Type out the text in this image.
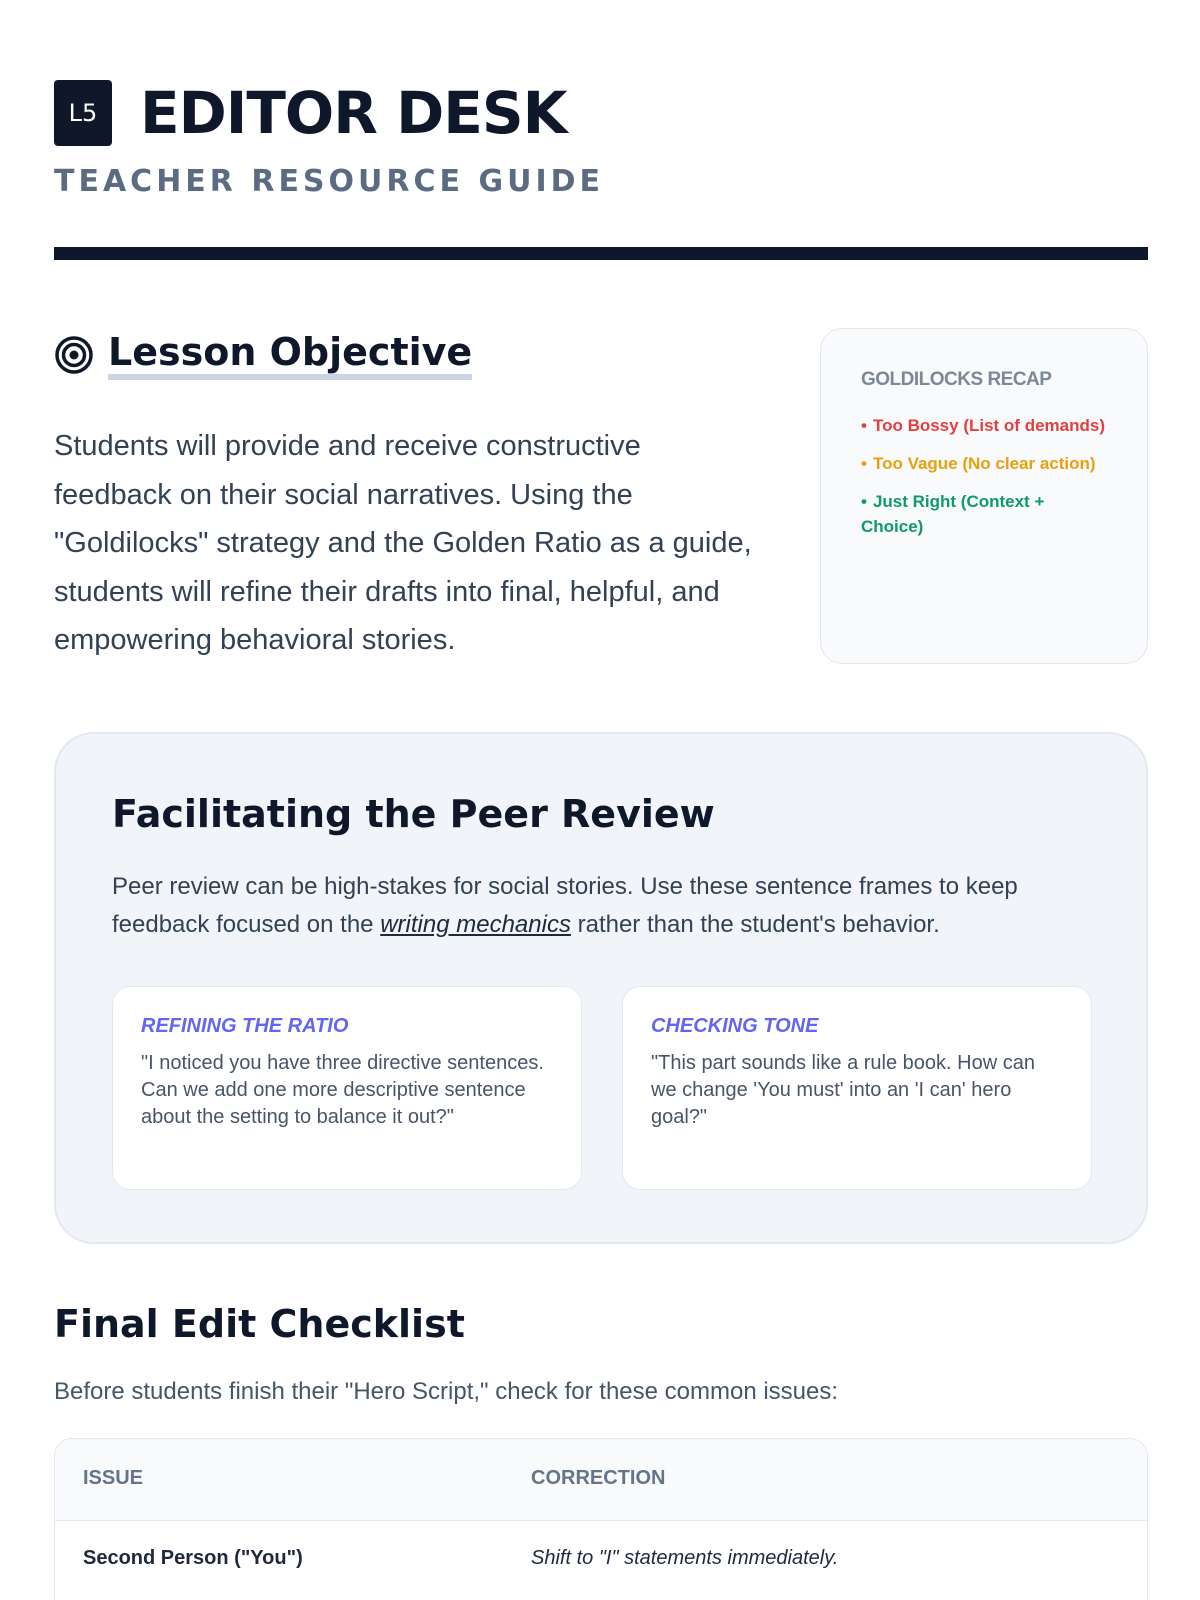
L5 EDITOR DESK
TEACHER RESOURCE GUIDE
Lesson Objective

Students will provide and receive constructive feedback on their social narratives. Using the "Goldilocks" strategy and the Golden Ratio as a guide, students will refine their drafts into final, helpful, and empowering behavioral stories.

GOLDILOCKS RECAP
• Too Bossy (List of demands)
• Too Vague (No clear action)
• Just Right (Context + Choice)
Facilitating the Peer Review

Peer review can be high-stakes for social stories. Use these sentence frames to keep feedback focused on the writing mechanics rather than the student's behavior.

REFINING THE RATIO
"I noticed you have three directive sentences. Can we add one more descriptive sentence about the setting to balance it out?"
CHECKING TONE
"This part sounds like a rule book. How can we change 'You must' into an 'I can' hero goal?"
Final Edit Checklist
Before students finish their "Hero Script," check for these common issues:
ISSUE	CORRECTION
Second Person ("You")	Shift to "I" statements immediately.
